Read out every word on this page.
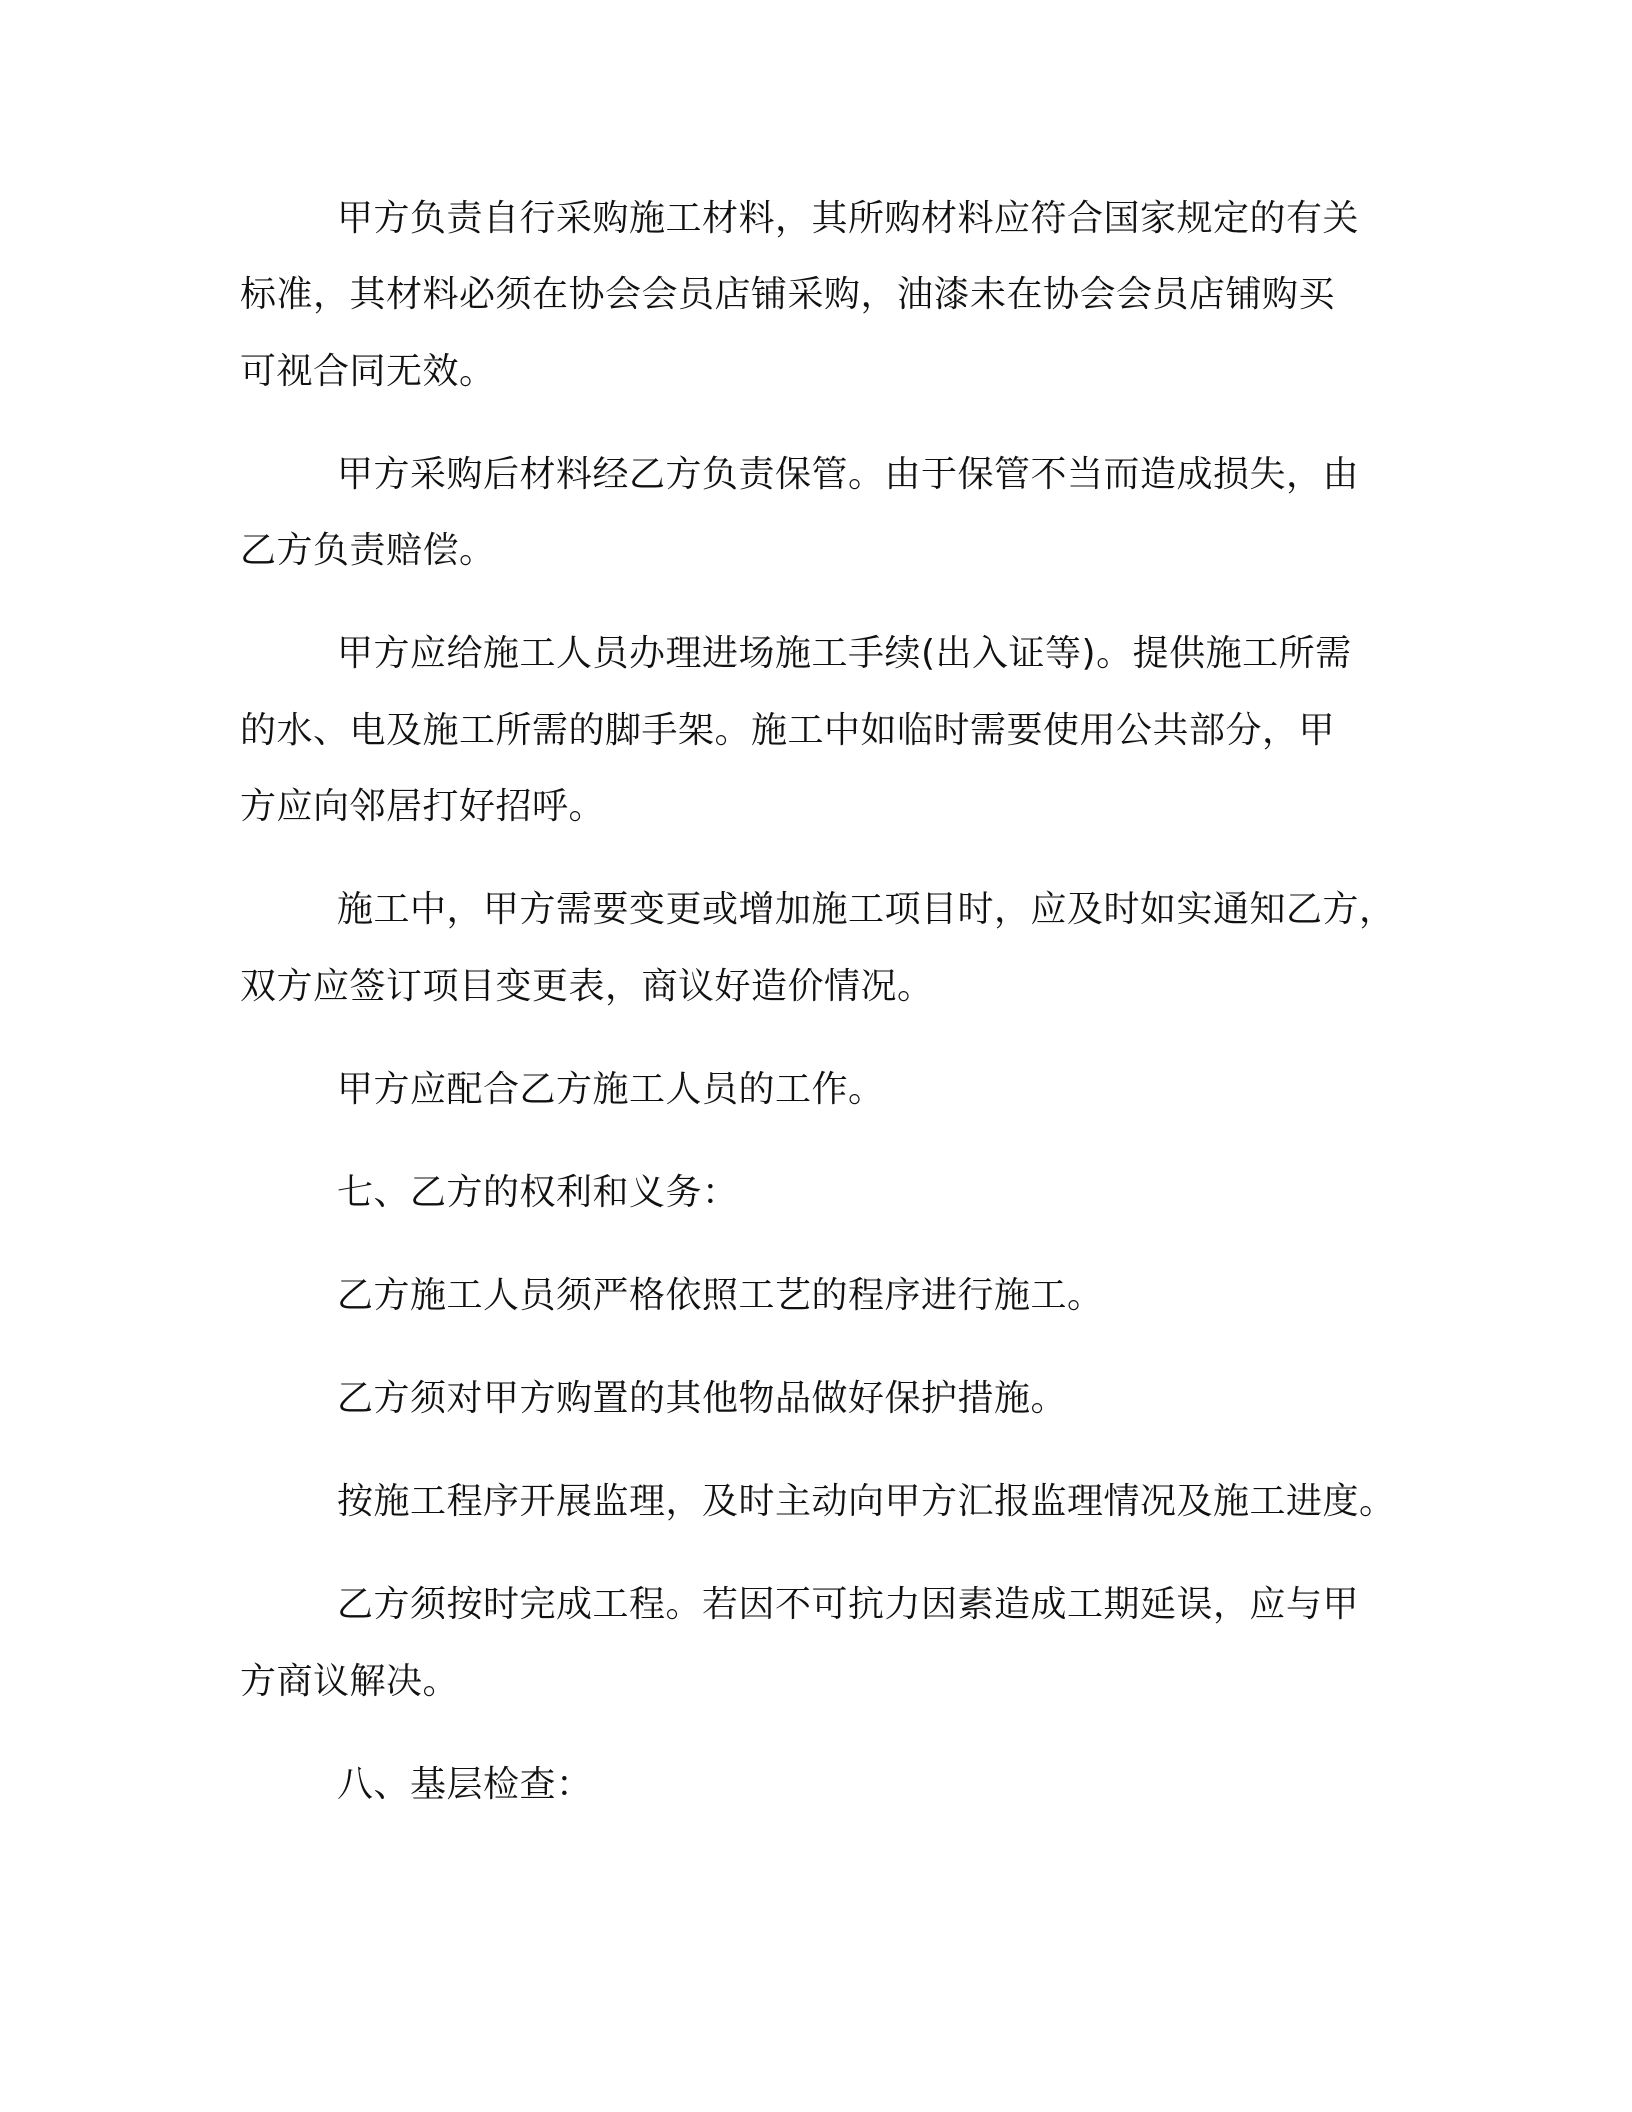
甲方负责自行采购施工材料，其所购材料应符合国家规定的有关
标准，其材料必须在协会会员店铺采购，油漆未在协会会员店铺购买
可视合同无效。
甲方采购后材料经乙方负责保管。由于保管不当而造成损失，由
乙方负责赔偿。
甲方应给施工人员办理进场施工手续(出入证等)。提供施工所需
的水、电及施工所需的脚手架。施工中如临时需要使用公共部分，甲
方应向邻居打好招呼。
施工中，甲方需要变更或增加施工项目时，应及时如实通知乙方，
双方应签订项目变更表，商议好造价情况。
甲方应配合乙方施工人员的工作。
七、乙方的权利和义务：
乙方施工人员须严格依照工艺的程序进行施工。
乙方须对甲方购置的其他物品做好保护措施。
按施工程序开展监理，及时主动向甲方汇报监理情况及施工进度。
乙方须按时完成工程。若因不可抗力因素造成工期延误，应与甲
方商议解决。
八、基层检查：
